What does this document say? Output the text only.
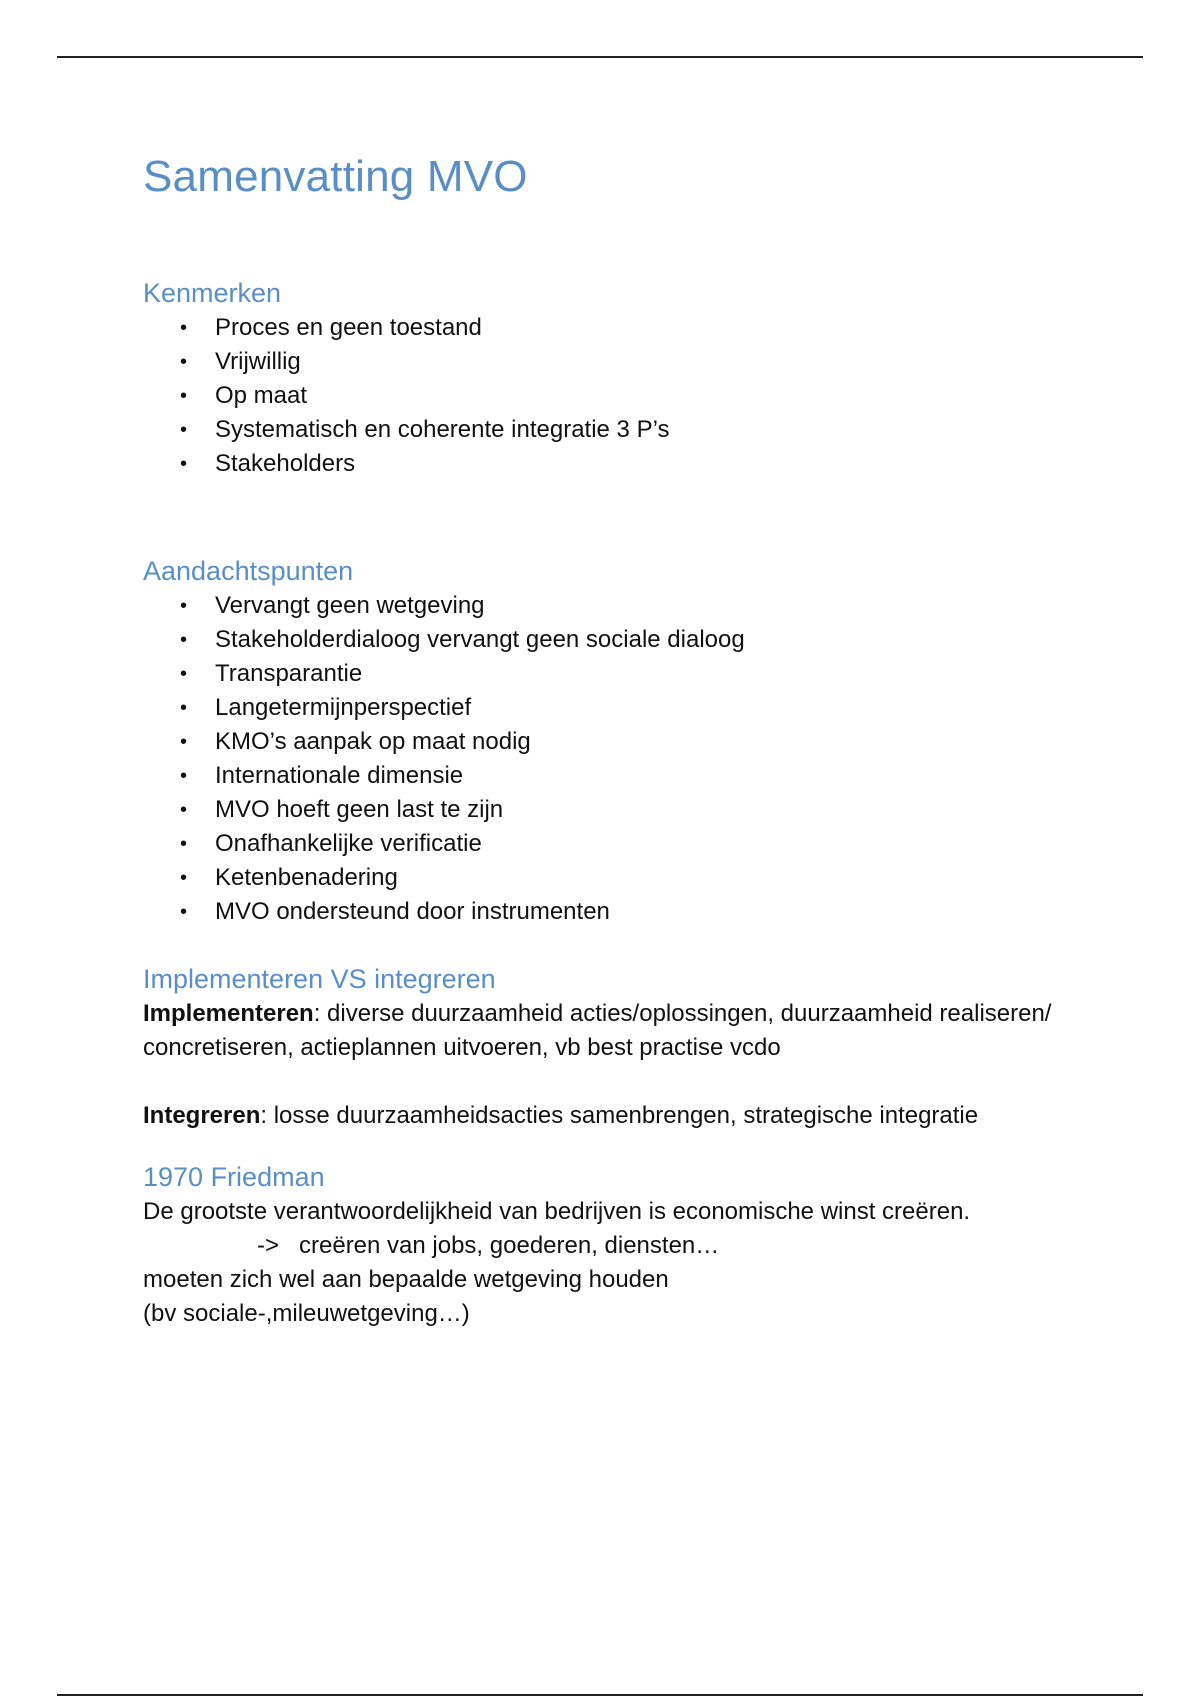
Samenvatting MVO
Kenmerken
• Proces en geen toestand
• Vrijwillig
• Op maat
• Systematisch en coherente integratie 3 P’s
• Stakeholders
Aandachtspunten
• Vervangt geen wetgeving
• Stakeholderdialoog vervangt geen sociale dialoog
• Transparantie
• Langetermijnperspectief
• KMO’s aanpak op maat nodig
• Internationale dimensie
• MVO hoeft geen last te zijn
• Onafhankelijke verificatie
• Ketenbenadering
• MVO ondersteund door instrumenten
Implementeren VS integreren

Implementeren: diverse duurzaamheid acties/oplossingen, duurzaamheid realiseren/ concretiseren, actieplannen uitvoeren, vb best practise vcdo

Integreren: losse duurzaamheidsacties samenbrengen, strategische integratie

1970 Friedman

De grootste verantwoordelijkheid van bedrijven is economische winst creëren.

-> creëren van jobs, goederen, diensten…

moeten zich wel aan bepaalde wetgeving houden

(bv sociale-,mileuwetgeving…)
